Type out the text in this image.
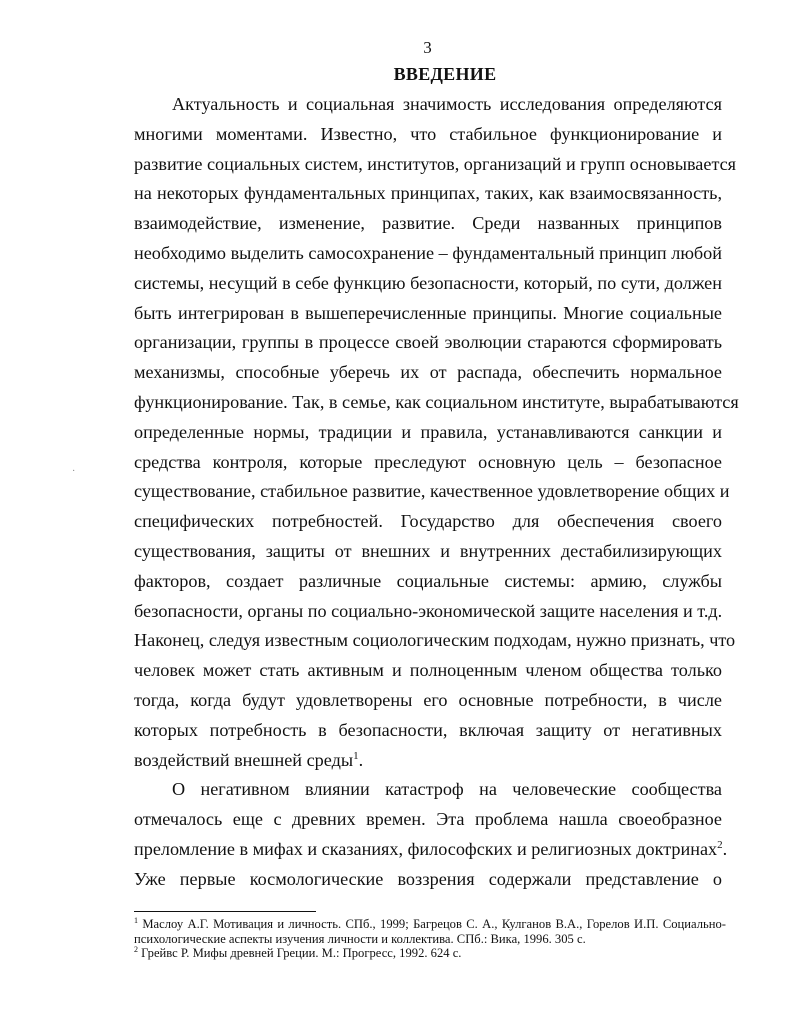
3
ВВЕДЕНИЕ
Актуальность и социальная значимость исследования определяются
многими моментами. Известно, что стабильное функционирование и
развитие социальных систем, институтов, организаций и групп основывается
на некоторых фундаментальных принципах, таких, как взаимосвязанность,
взаимодействие, изменение, развитие. Среди названных принципов
необходимо выделить самосохранение – фундаментальный принцип любой
системы, несущий в себе функцию безопасности, который, по сути, должен
быть интегрирован в вышеперечисленные принципы. Многие социальные
организации, группы в процессе своей эволюции стараются сформировать
механизмы, способные уберечь их от распада, обеспечить нормальное
функционирование. Так, в семье, как социальном институте, вырабатываются
определенные нормы, традиции и правила, устанавливаются санкции и
средства контроля, которые преследуют основную цель – безопасное
существование, стабильное развитие, качественное удовлетворение общих и
специфических потребностей. Государство для обеспечения своего
существования, защиты от внешних и внутренних дестабилизирующих
факторов, создает различные социальные системы: армию, службы
безопасности, органы по социально-экономической защите населения и т.д.
Наконец, следуя известным социологическим подходам, нужно признать, что
человек может стать активным и полноценным членом общества только
тогда, когда будут удовлетворены его основные потребности, в числе
которых потребность в безопасности, включая защиту от негативных
воздействий внешней среды$^1$.
О негативном влиянии катастроф на человеческие сообщества
отмечалось еще с древних времен. Эта проблема нашла своеобразное
преломление в мифах и сказаниях, философских и религиозных доктринах$^2$.
Уже первые космологические воззрения содержали представление о
$^1$ Маслоу А.Г. Мотивация и личность. СПб., 1999; Багрецов С. А., Кулганов В.А., Горелов И.П. Социально-
психологические аспекты изучения личности и коллектива. СПб.: Вика, 1996. 305 с.
$^2$ Грейвс Р. Мифы древней Греции. М.: Прогресс, 1992. 624 с.
·
